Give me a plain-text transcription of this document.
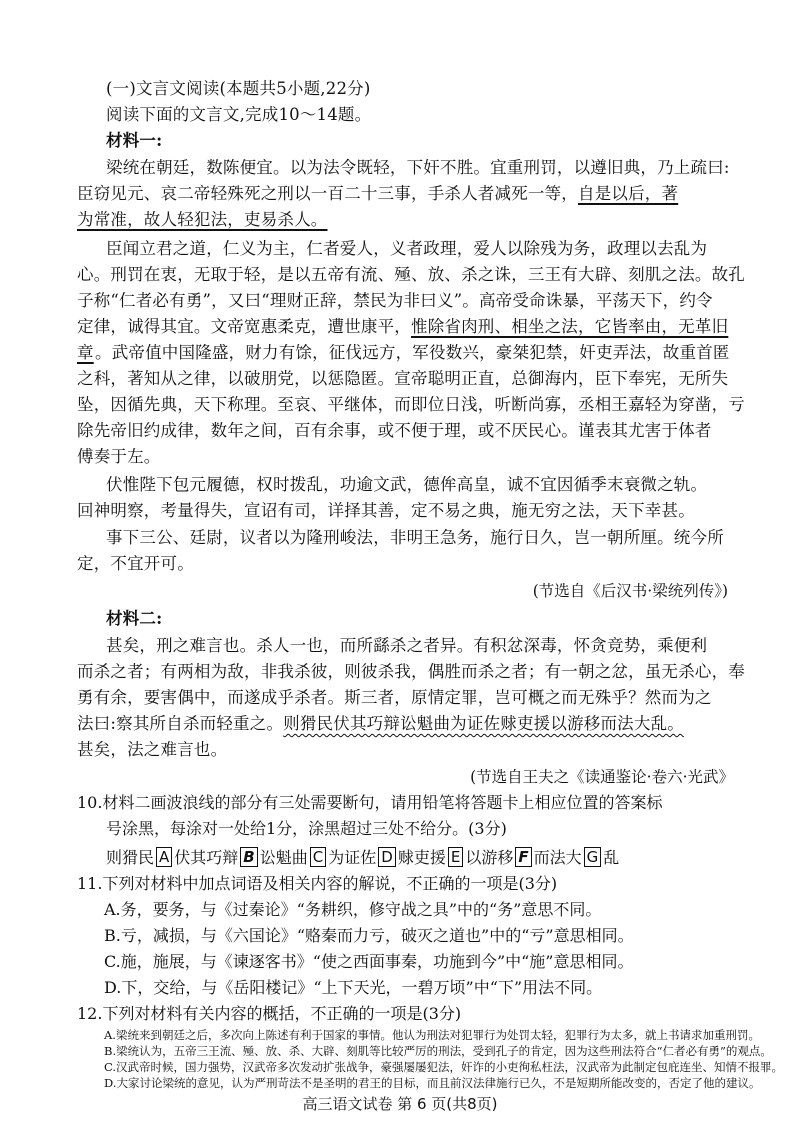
(一)文言文阅读(本题共5小题,22分)
阅读下面的文言文,完成10～14题。
材料一:
梁统在朝廷，数陈便宜。以为法令既轻，下奸不胜。宜重刑罚，以遵旧典，乃上疏曰:
臣窃见元、哀二帝轻殊死之刑以一百二十三事，手杀人者减死一等，自是以后，著
为常准，故人轻犯法，吏易杀人。
臣闻立君之道，仁义为主，仁者爱人，义者政理，爱人以除残为务，政理以去乱为
心。刑罚在衷，无取于轻，是以五帝有流、殛、放、杀之诛，三王有大辟、刻肌之法。故孔
子称“仁者必有勇”，又曰“理财正辞，禁民为非曰义”。高帝受命诛暴，平荡天下，约令
定律，诚得其宜。文帝宽惠柔克，遭世康平，惟除省肉刑、相坐之法，它皆率由，无革旧
章。武帝值中国隆盛，财力有馀，征伐远方，军役数兴，豪桀犯禁，奸吏弄法，故重首匿
之科，著知从之律，以破朋党，以惩隐匿。宣帝聪明正直，总御海内，臣下奉宪，无所失
坠，因循先典，天下称理。至哀、平继体，而即位日浅，听断尚寡，丞相王嘉轻为穿凿，亏
除先帝旧约成律，数年之间，百有余事，或不便于理，或不厌民心。谨表其尤害于体者
傅奏于左。
伏惟陛下包元履德，权时拨乱，功逾文武，德侔高皇，诚不宜因循季末衰微之轨。
回神明察，考量得失，宣诏有司，详择其善，定不易之典，施无穷之法，天下幸甚。
事下三公、廷尉，议者以为隆刑峻法，非明王急务，施行日久，岂一朝所厘。统今所
定，不宜开可。
(节选自《后汉书·梁统列传》)
材料二:
甚矣，刑之难言也。杀人一也，而所繇杀之者异。有积忿深毒，怀贪竞势，乘便利
而杀之者；有两相为敌，非我杀彼，则彼杀我，偶胜而杀之者；有一朝之忿，虽无杀心，奉
勇有余，要害偶中，而遂成乎杀者。斯三者，原情定罪，岂可概之而无殊乎？然而为之
法曰:察其所自杀而轻重之。则猾民伏其巧辩讼魁曲为证佐赇吏援以游移而法大乱。
甚矣，法之难言也。
(节选自王夫之《读通鉴论·卷六·光武》
10.材料二画波浪线的部分有三处需要断句，请用铅笔将答题卡上相应位置的答案标
号涂黑，每涂对一处给1分，涂黑超过三处不给分。(3分)
则猾民 A 伏其巧辩 B 讼魁曲 C 为证佐 D 赇吏援 E 以游移 F 而法大 G 乱
11.下列对材料中加点词语及相关内容的解说，不正确的一项是(3分)
A.务，要务，与《过秦论》“务耕织，修守战之具”中的“务”意思不同。
B.亏，减损，与《六国论》“赂秦而力亏，破灭之道也”中的“亏”意思相同。
C.施，施展，与《谏逐客书》“使之西面事秦，功施到今”中“施”意思相同。
D.下，交给，与《岳阳楼记》“上下天光，一碧万顷”中“下”用法不同。
12.下列对材料有关内容的概括，不正确的一项是(3分)
高三语文试卷 第 6 页(共8页)
A.梁统来到朝廷之后，多次向上陈述有利于国家的事情。他认为刑法对犯罪行为处罚太轻，犯罪行为太多，就上书请求加重刑罚。
B.梁统认为，五帝三王流、殛、放、杀、大辟、刻肌等比较严厉的刑法，受到孔子的肯定，因为这些刑法符合“仁者必有勇”的观点。
C.汉武帝时候，国力强势，汉武帝多次发动扩张战争，豪强屡屡犯法，奸诈的小吏徇私枉法，汉武帝为此制定包庇连坐、知情不报罪。
D.大家讨论梁统的意见，认为严刑苛法不是圣明的君王的目标，而且前汉法律施行已久，不是短期所能改变的，否定了他的建议。
